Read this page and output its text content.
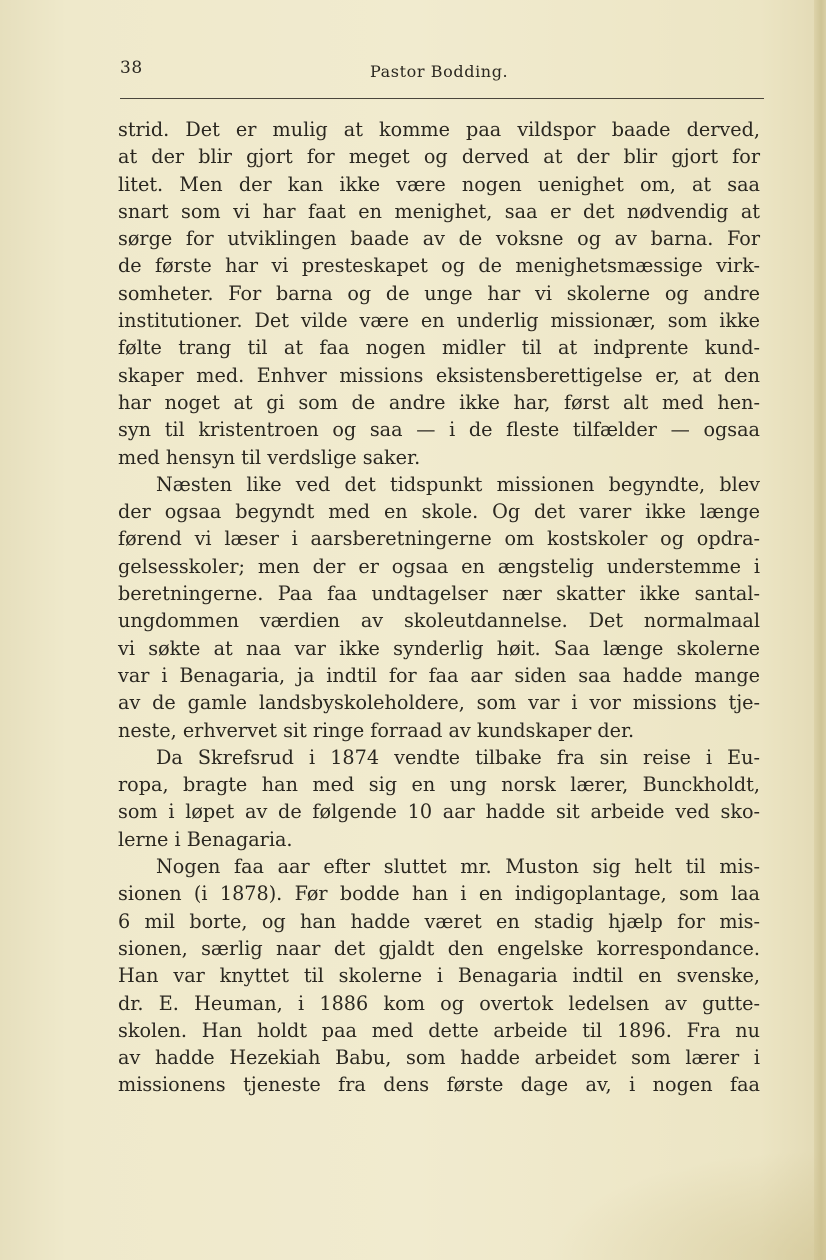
38	Pastor Bodding.
strid. Det er mulig at komme paa vildspor baade derved,
at der blir gjort for meget og derved at der blir gjort for
litet. Men der kan ikke være nogen uenighet om, at saa
snart som vi har faat en menighet, saa er det nødvendig at
sørge for utviklingen baade av de voksne og av barna. For
de første har vi presteskapet og de menighetsmæssige virk-
somheter. For barna og de unge har vi skolerne og andre
institutioner. Det vilde være en underlig missionær, som ikke
følte trang til at faa nogen midler til at indprente kund-
skaper med. Enhver missions eksistensberettigelse er, at den
har noget at gi som de andre ikke har, først alt med hen-
syn til kristentroen og saa — i de fleste tilfælder — ogsaa
med hensyn til verdslige saker.
Næsten like ved det tidspunkt missionen begyndte, blev
der ogsaa begyndt med en skole. Og det varer ikke længe
førend vi læser i aarsberetningerne om kostskoler og opdra-
gelsesskoler; men der er ogsaa en ængstelig understemme i
beretningerne. Paa faa undtagelser nær skatter ikke santal-
ungdommen værdien av skoleutdannelse. Det normalmaal
vi søkte at naa var ikke synderlig høit. Saa længe skolerne
var i Benagaria, ja indtil for faa aar siden saa hadde mange
av de gamle landsbyskoleholdere, som var i vor missions tje-
neste, erhvervet sit ringe forraad av kundskaper der.
Da Skrefsrud i 1874 vendte tilbake fra sin reise i Eu-
ropa, bragte han med sig en ung norsk lærer, Bunckholdt,
som i løpet av de følgende 10 aar hadde sit arbeide ved sko-
lerne i Benagaria.
Nogen faa aar efter sluttet mr. Muston sig helt til mis-
sionen (i 1878). Før bodde han i en indigoplantage, som laa
6 mil borte, og han hadde været en stadig hjælp for mis-
sionen, særlig naar det gjaldt den engelske korrespondance.
Han var knyttet til skolerne i Benagaria indtil en svenske,
dr. E. Heuman, i 1886 kom og overtok ledelsen av gutte-
skolen. Han holdt paa med dette arbeide til 1896. Fra nu
av hadde Hezekiah Babu, som hadde arbeidet som lærer i
missionens tjeneste fra dens første dage av, i nogen faa
